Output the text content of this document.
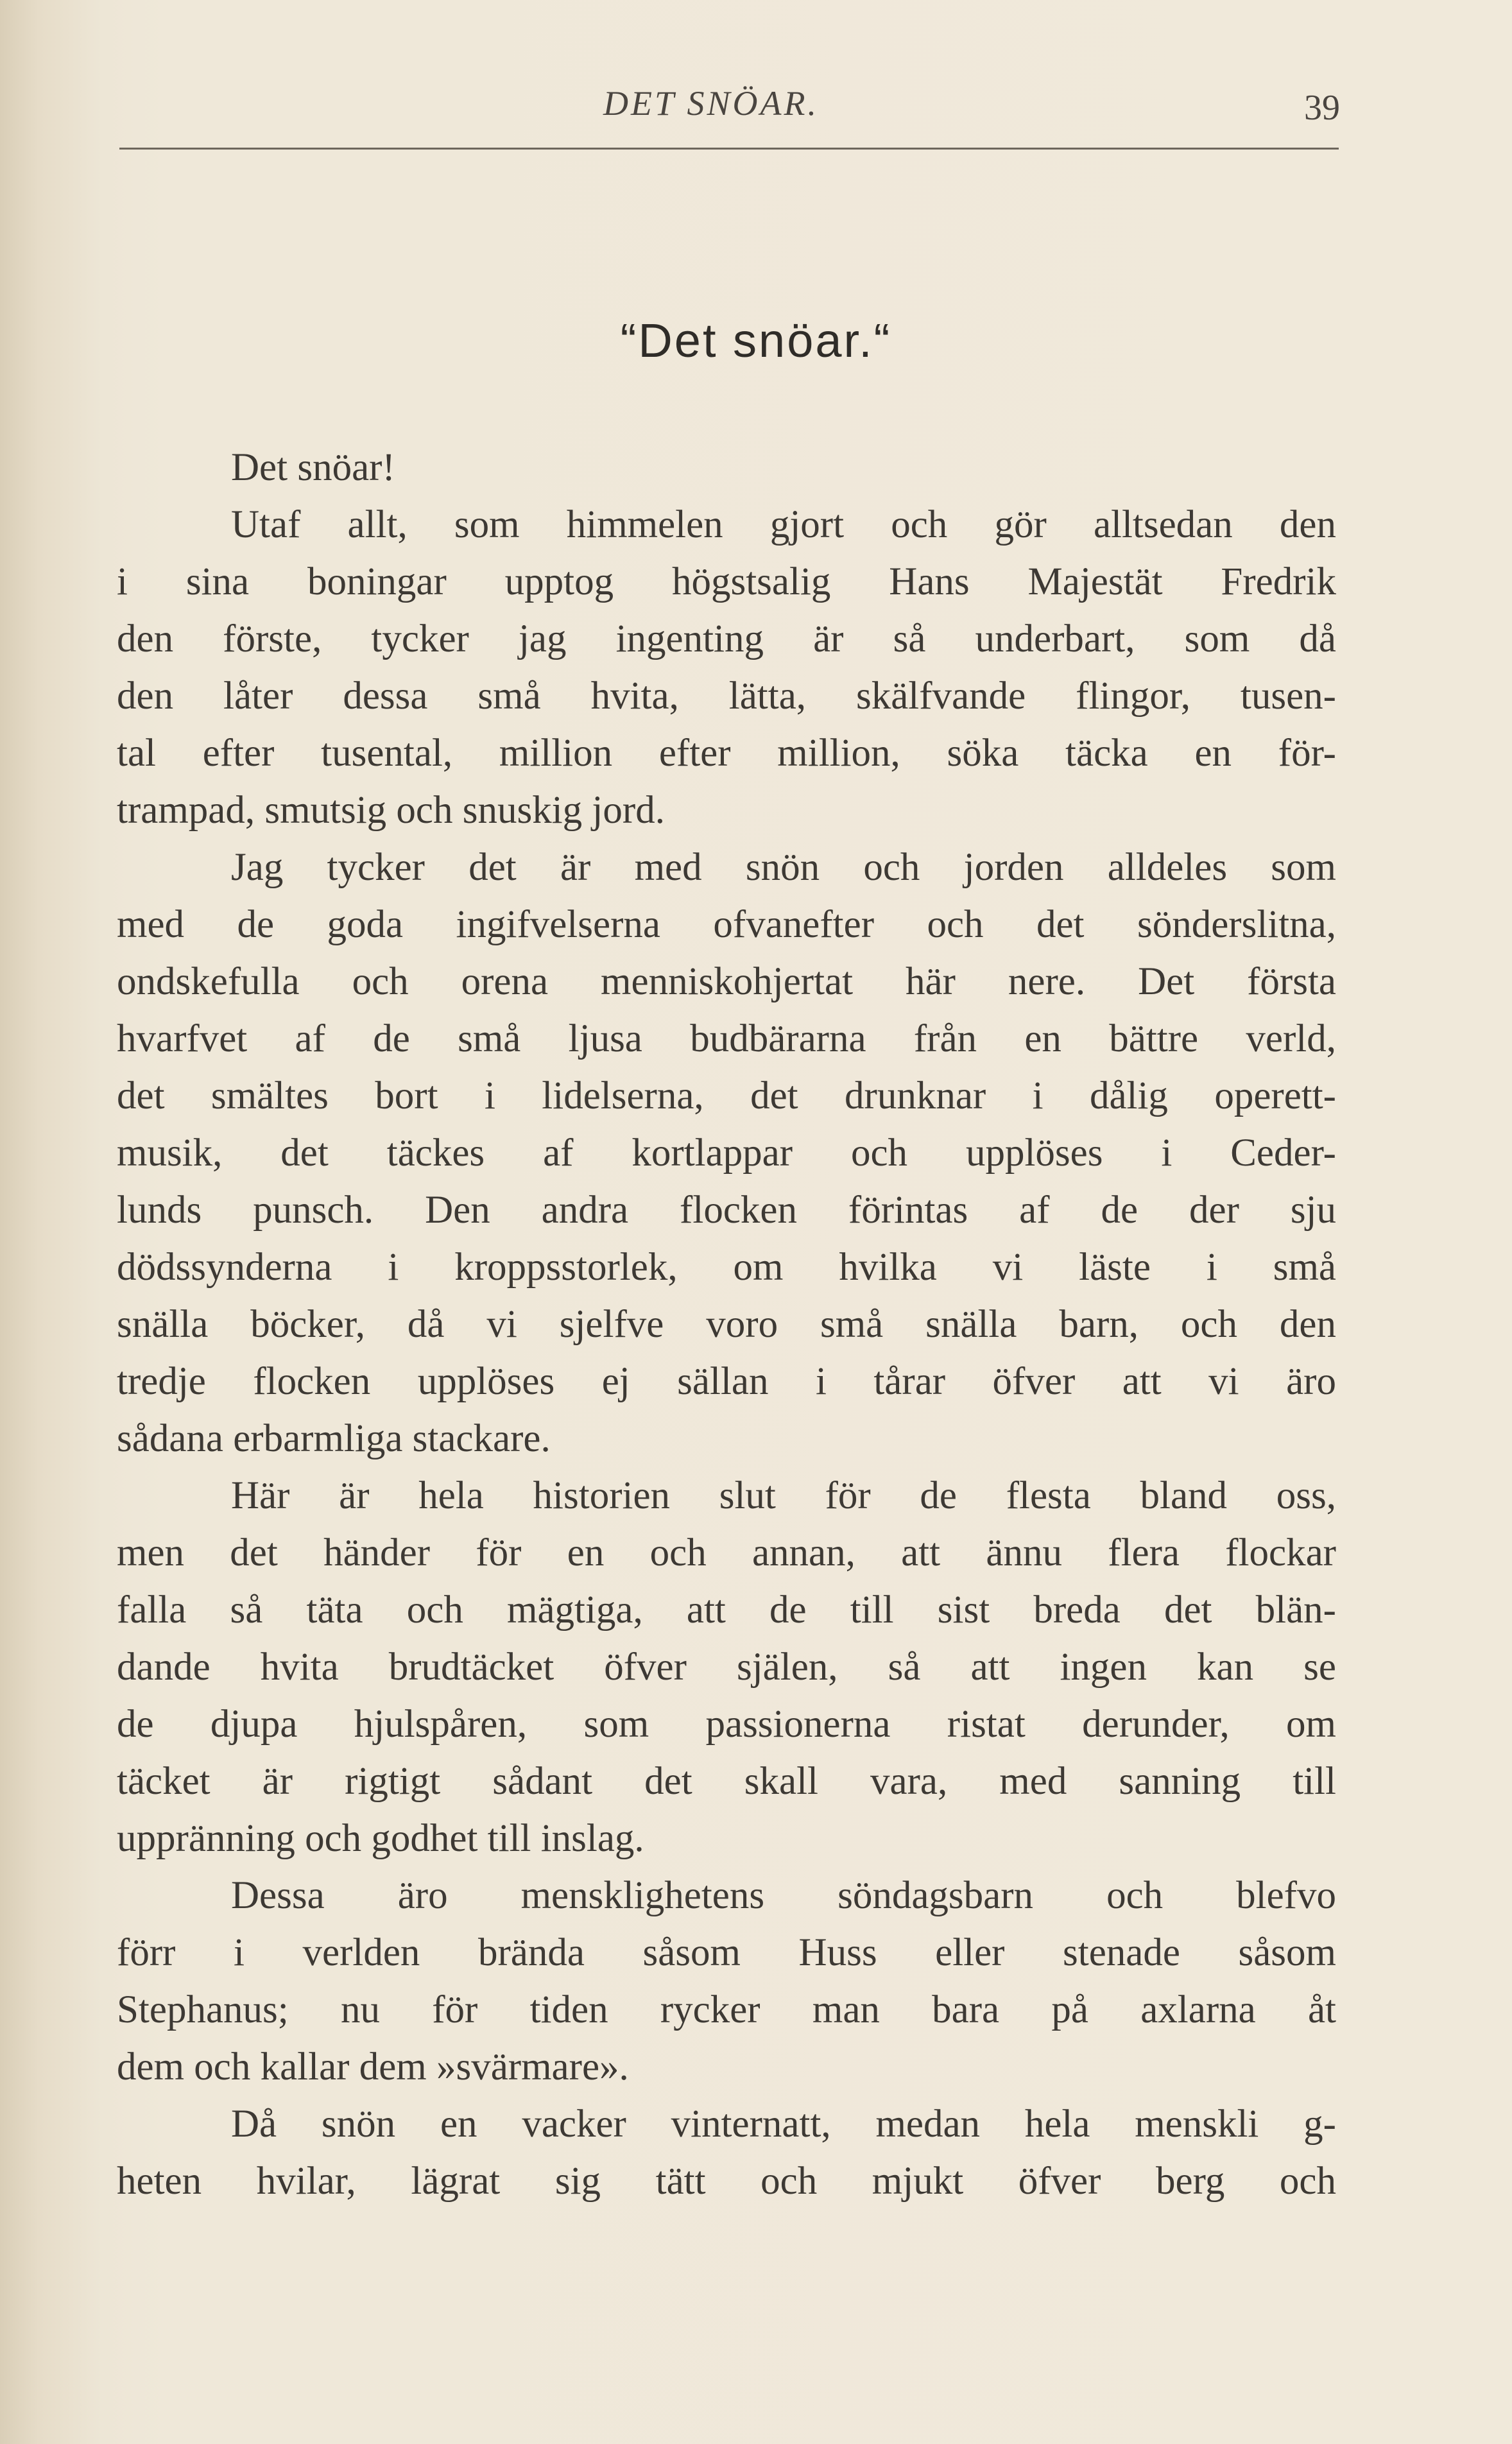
DET SNÖAR.	39
“Det snöar.“
Det snöar!
Utaf allt, som himmelen gjort och gör alltsedan den
i sina boningar upptog högstsalig Hans Majestät Fredrik
den förste, tycker jag ingenting är så underbart, som då
den låter dessa små hvita, lätta, skälfvande flingor, tusen-
tal efter tusental, million efter million, söka täcka en för-
trampad, smutsig och snuskig jord.
Jag tycker det är med snön och jorden alldeles som
med de goda ingifvelserna ofvanefter och det sönderslitna,
ondskefulla och orena menniskohjertat här nere. Det första
hvarfvet af de små ljusa budbärarna från en bättre verld,
det smältes bort i lidelserna, det drunknar i dålig operett-
musik, det täckes af kortlappar och upplöses i Ceder-
lunds punsch. Den andra flocken förintas af de der sju
dödssynderna i kroppsstorlek, om hvilka vi läste i små
snälla böcker, då vi sjelfve voro små snälla barn, och den
tredje flocken upplöses ej sällan i tårar öfver att vi äro
sådana erbarmliga stackare.
Här är hela historien slut för de flesta bland oss,
men det händer för en och annan, att ännu flera flockar
falla så täta och mägtiga, att de till sist breda det blän-
dande hvita brudtäcket öfver själen, så att ingen kan se
de djupa hjulspåren, som passionerna ristat derunder, om
täcket är rigtigt sådant det skall vara, med sanning till
uppränning och godhet till inslag.
Dessa äro mensklighetens söndagsbarn och blefvo
förr i verlden brända såsom Huss eller stenade såsom
Stephanus; nu för tiden rycker man bara på axlarna åt
dem och kallar dem »svärmare».
Då snön en vacker vinternatt, medan hela menskli g-
heten hvilar, lägrat sig tätt och mjukt öfver berg och
